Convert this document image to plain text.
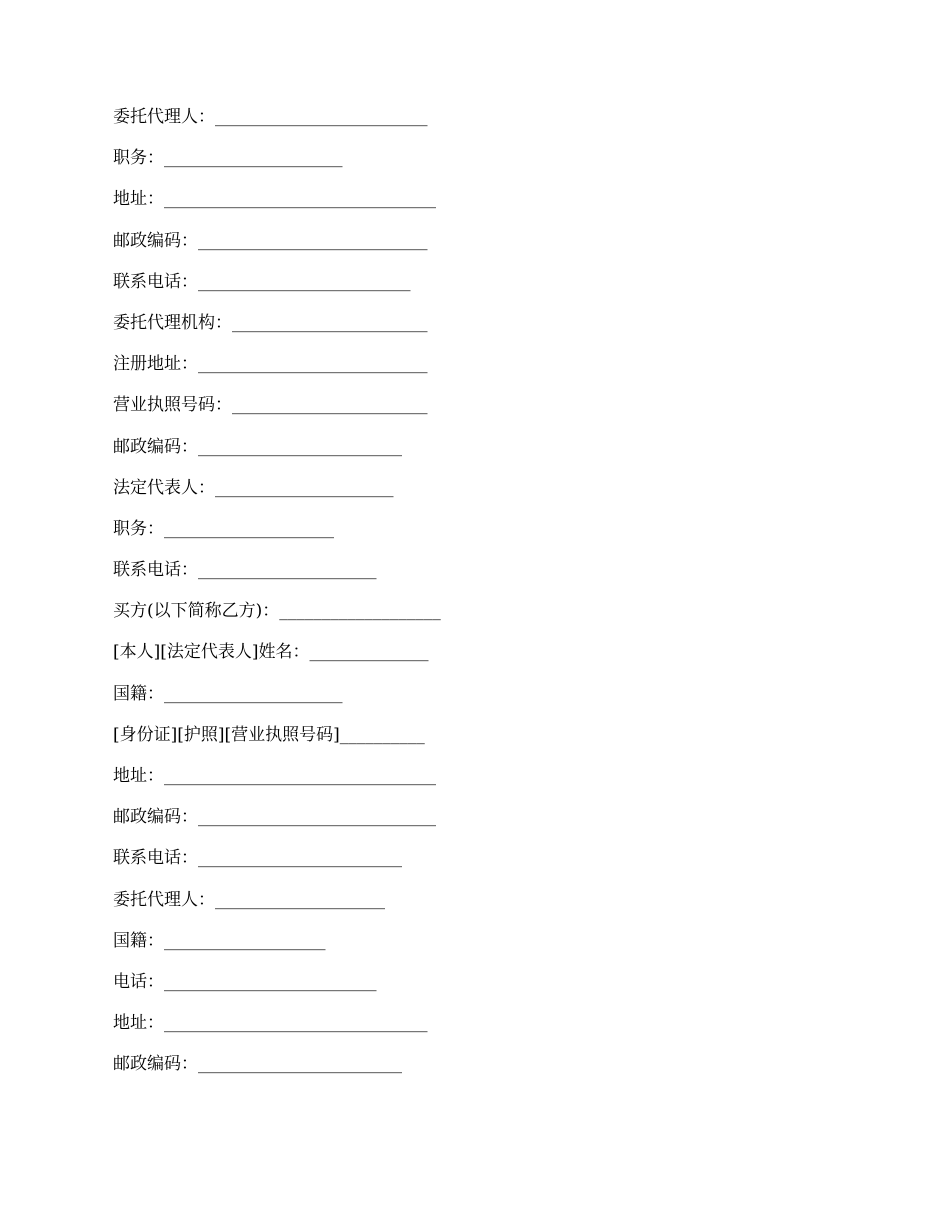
委托代理人：_________________________
职务：_____________________
地址：________________________________
邮政编码：___________________________
联系电话：_________________________
委托代理机构：_______________________
注册地址：___________________________
营业执照号码：_______________________
邮政编码：________________________
法定代表人：_____________________
职务：____________________
联系电话：_____________________
买方(以下简称乙方)：___________________
[本人][法定代表人]姓名：______________
国籍：_____________________
[身份证][护照][营业执照号码]__________
地址：________________________________
邮政编码：____________________________
联系电话：________________________
委托代理人：____________________
国籍：___________________
电话：_________________________
地址：_______________________________
邮政编码：________________________
